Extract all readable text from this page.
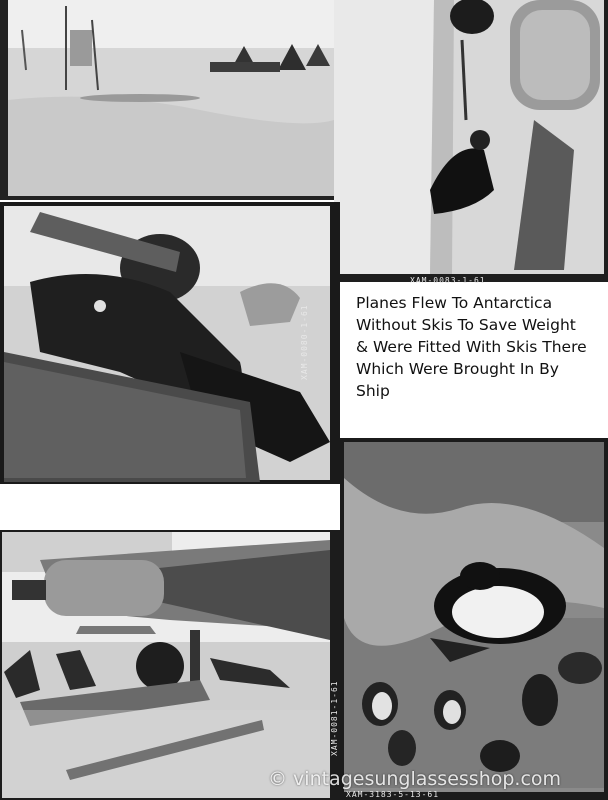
XAM-0083-1-61
XAM-0080-1-61
Planes Flew To Antarctica
Without Skis To Save Weight
& Were Fitted With Skis There
Which Were Brought In By
Ship
XAM-0081-1-61
XAM-3183-5-13-61
© vintagesunglassesshop.com
